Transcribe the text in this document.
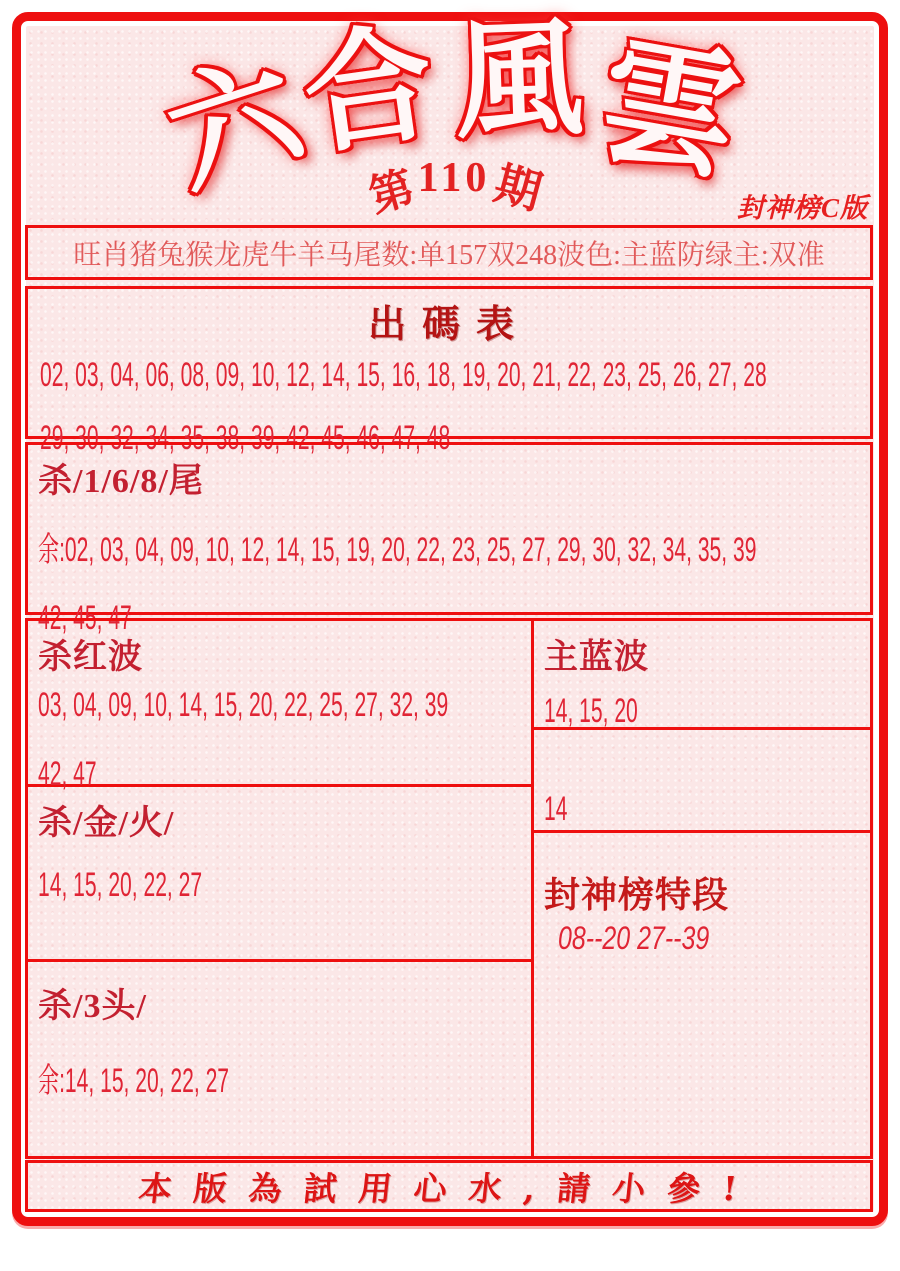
六
合 風 雲
第
110 期	封神榜C版
旺肖猪兔猴龙虎牛羊马尾数:单157双248波色:主蓝防绿主:双准
出碼表
02, 03, 04, 06, 08, 09, 10, 12, 14, 15, 16, 18, 19, 20, 21, 22, 23, 25, 26, 27, 28
29, 30, 32, 34, 35, 38, 39, 42, 45, 46, 47, 48
杀/1/6/8/尾
余:02, 03, 04, 09, 10, 12, 14, 15, 19, 20, 22, 23, 25, 27, 29, 30, 32, 34, 35, 39
42, 45, 47
杀红波
03, 04, 09, 10, 14, 15, 20, 22, 25, 27, 32, 39
42, 47
杀/金/火/
14, 15, 20, 22, 27
杀/3头/
余:14, 15, 20, 22, 27
主蓝波
14, 15, 20
14
封神榜特段
08--20 27--39
本版為試用心水,請小參!
